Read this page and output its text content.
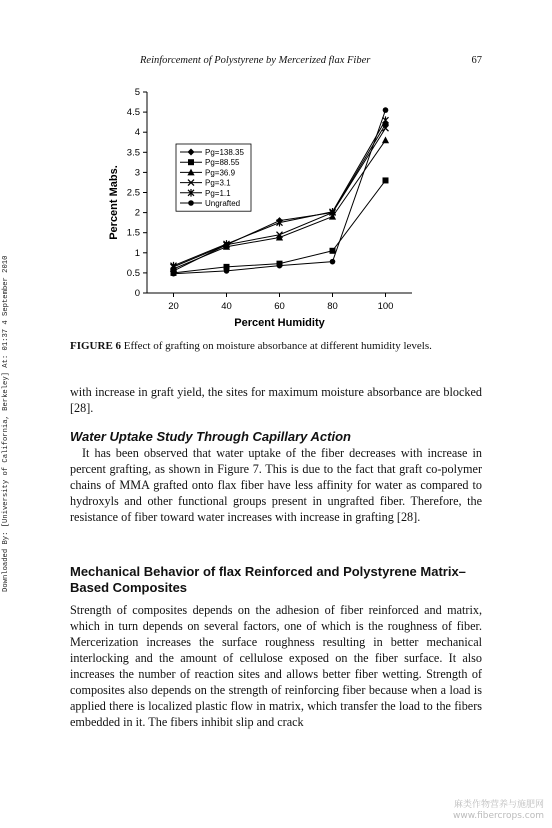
Reinforcement of Polystyrene by Mercerized flax Fiber	67
Downloaded By: [University of California, Berkeley] At: 01:37 4 September 2010	0
0.5
1
1.5
2
2.5
3
3.5
4
4.5
5
20	40	60	80	100
Percent Humidity
Percent Mabs.
Pg=138.35
Pg=88.55
Pg=36.9
Pg=3.1
Pg=1.1
Ungrafted
FIGURE 6 Effect of grafting on moisture absorbance at different humidity levels.

with increase in graft yield, the sites for maximum moisture absorbance are blocked [28].

Water Uptake Study Through Capillary Action

It has been observed that water uptake of the fiber decreases with increase in percent grafting, as shown in Figure 7. This is due to the fact that graft co-polymer chains of MMA grafted onto flax fiber have less affinity for water as compared to hydroxyls and other functional groups present in ungrafted fiber. Therefore, the resistance of fiber toward water increases with increase in grafting [28].

Mechanical Behavior of flax Reinforced and Polystyrene Matrix–Based Composites

Strength of composites depends on the adhesion of fiber reinforced and matrix, which in turn depends on several factors, one of which is the roughness of fiber. Mercerization increases the surface roughness resulting in better mechanical interlocking and the amount of cellulose exposed on the fiber surface. It also increases the number of reaction sites and allows better fiber wetting. Strength of composites also depends on the strength of reinforcing fiber because when a load is applied there is localized plastic flow in matrix, which transfer the load to the fibers embedded in it. The fibers inhibit slip and crack

麻类作物营养与施肥网
www.fibercrops.com
